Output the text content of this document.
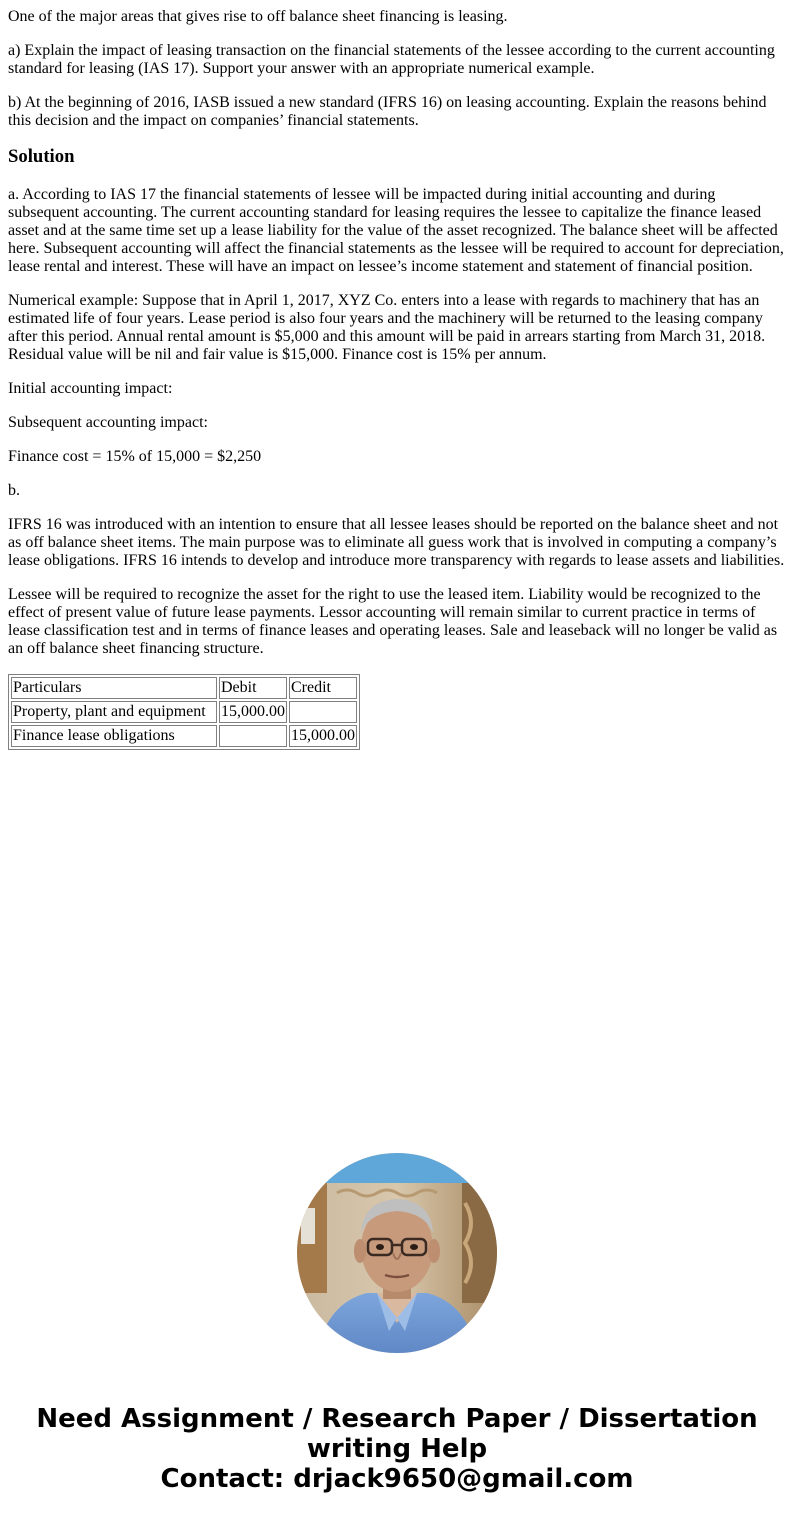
One of the major areas that gives rise to off balance sheet financing is leasing.

a) Explain the impact of leasing transaction on the financial statements of the lessee according to the current accounting standard for leasing (IAS 17). Support your answer with an appropriate numerical example.

b) At the beginning of 2016, IASB issued a new standard (IFRS 16) on leasing accounting. Explain the reasons behind this decision and the impact on companies’ financial statements.

Solution

a. According to IAS 17 the financial statements of lessee will be impacted during initial accounting and during subsequent accounting. The current accounting standard for leasing requires the lessee to capitalize the finance leased asset and at the same time set up a lease liability for the value of the asset recognized. The balance sheet will be affected here. Subsequent accounting will affect the financial statements as the lessee will be required to account for depreciation, lease rental and interest. These will have an impact on lessee’s income statement and statement of financial position.

Numerical example: Suppose that in April 1, 2017, XYZ Co. enters into a lease with regards to machinery that has an estimated life of four years. Lease period is also four years and the machinery will be returned to the leasing company after this period. Annual rental amount is $5,000 and this amount will be paid in arrears starting from March 31, 2018. Residual value will be nil and fair value is $15,000. Finance cost is 15% per annum.

Initial accounting impact:

Subsequent accounting impact:

Finance cost = 15% of 15,000 = $2,250

b.

IFRS 16 was introduced with an intention to ensure that all lessee leases should be reported on the balance sheet and not as off balance sheet items. The main purpose was to eliminate all guess work that is involved in computing a company’s lease obligations. IFRS 16 intends to develop and introduce more transparency with regards to lease assets and liabilities.

Lessee will be required to recognize the asset for the right to use the leased item. Liability would be recognized to the effect of present value of future lease payments. Lessor accounting will remain similar to current practice in terms of lease classification test and in terms of finance leases and operating leases. Sale and leaseback will no longer be valid as an off balance sheet financing structure.

Particulars	Debit	Credit
Property, plant and equipment	15,000.00	
Finance lease obligations		15,000.00
Need Assignment / Research Paper / Dissertation
writing Help
Contact: drjack9650@gmail.com
